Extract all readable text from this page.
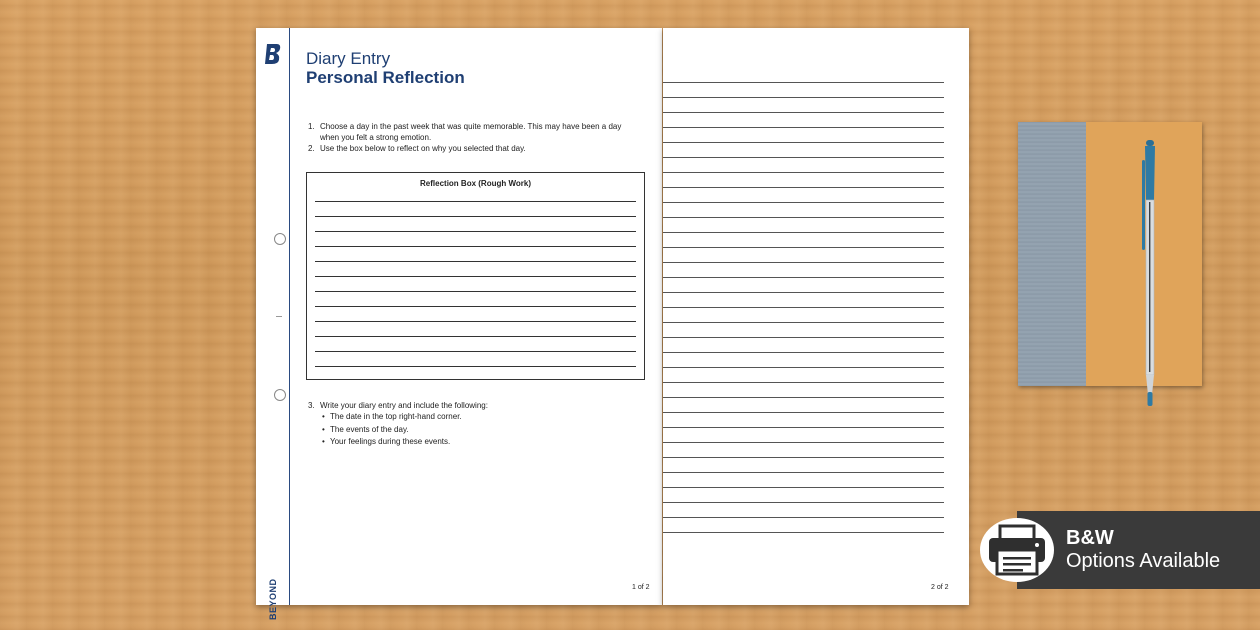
BEYOND
Diary Entry
Personal Reflection
1. Choose a day in the past week that was quite memorable. This may have been a day
when you felt a strong emotion.
2. Use the box below to reflect on why you selected that day.
Reflection Box (Rough Work)
3. Write your diary entry and include the following:
• The date in the top right-hand corner.
• The events of the day.
• Your feelings during these events.
1 of 2	2 of 2
B&W
Options Available
